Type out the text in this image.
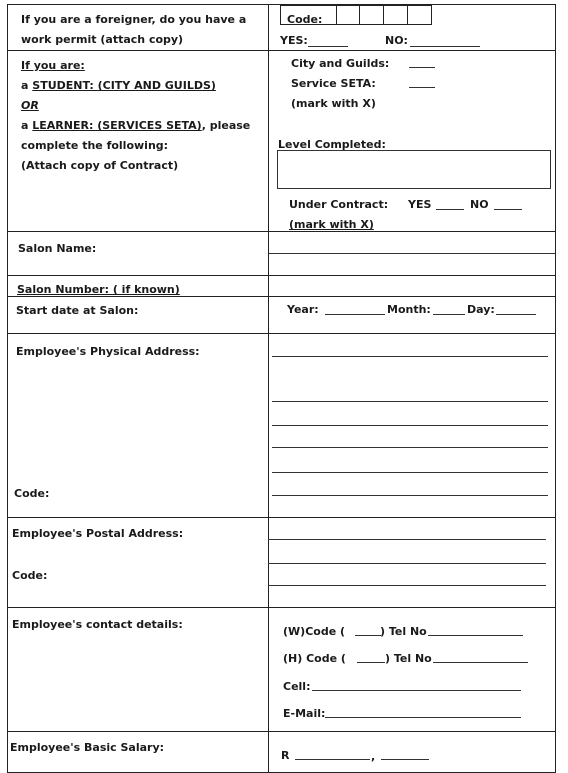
If you are a foreigner, do you have a
work permit (attach copy)
Code:
YES:	NO:
If you are:
a STUDENT: (CITY AND GUILDS)
OR
a LEARNER: (SERVICES SETA), please
complete the following:
(Attach copy of Contract)
City and Guilds:
Service SETA:
(mark with X)
Level Completed:
Under Contract: YES	NO
(mark with X)
Salon Name:
Salon Number: ( if known)
Start date at Salon:	Year:	Month:	Day:
Employee's Physical Address:
Code:
Employee's Postal Address:
Code:
Employee's contact details:
(W)Code (	) Tel No
(H) Code (	) Tel No
Cell:
E-Mail:
Employee's Basic Salary:
R	,
